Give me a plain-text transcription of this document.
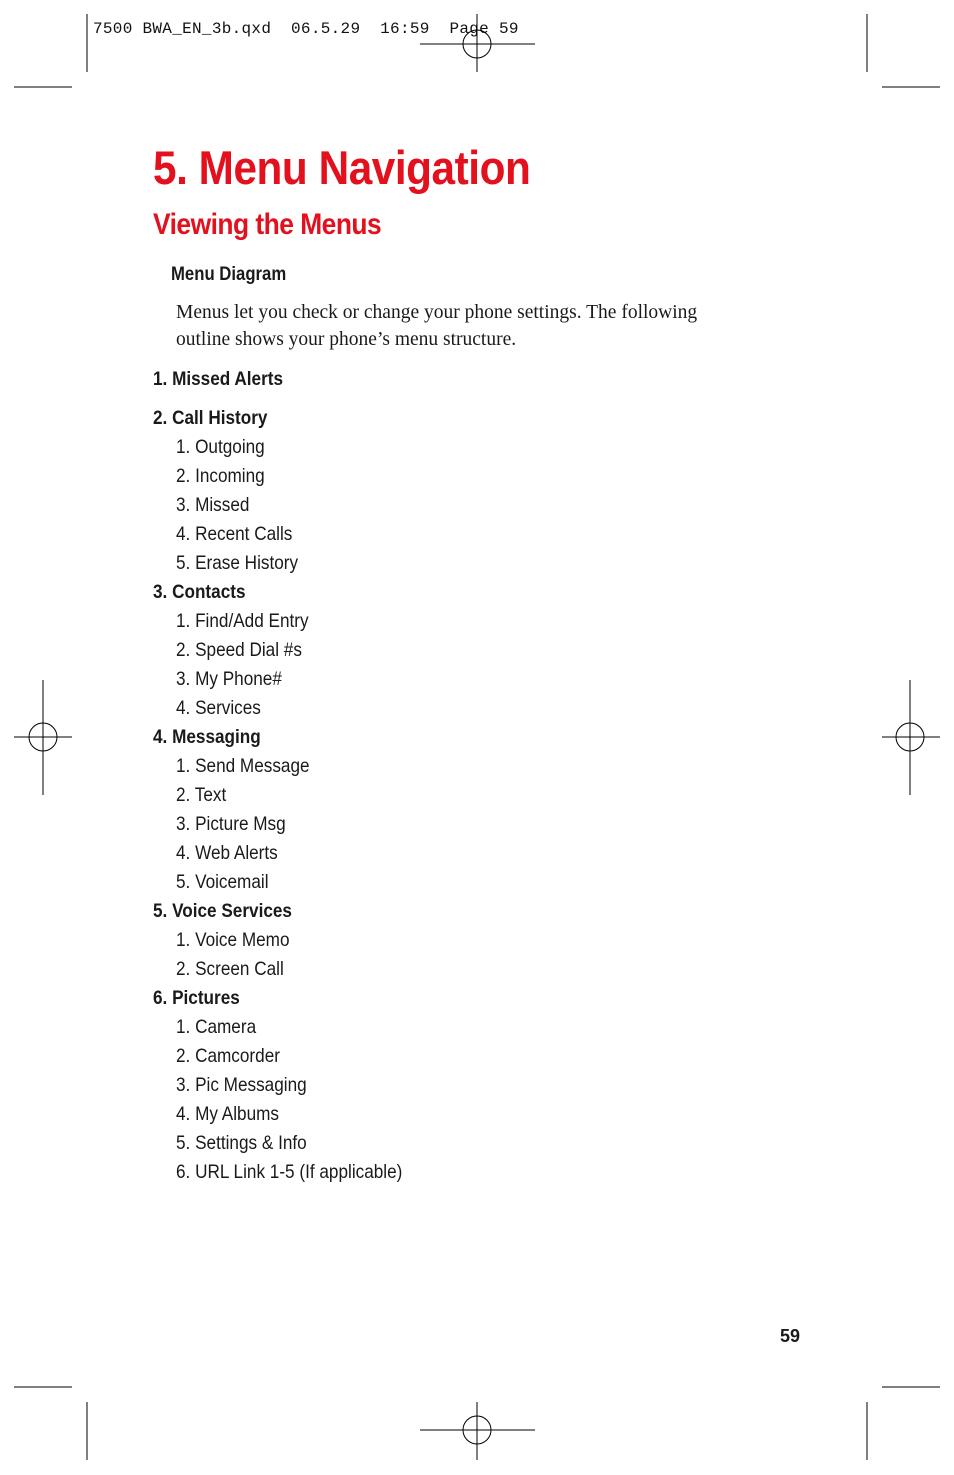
7500 BWA_EN_3b.qxd  06.5.29  16:59  Page 59
5. Menu Navigation
Viewing the Menus
Menu Diagram

Menus let you check or change your phone settings. The following outline shows your phone’s menu structure.

1. Missed Alerts
2. Call History
1. Outgoing
2. Incoming
3. Missed
4. Recent Calls
5. Erase History
3. Contacts
1. Find/Add Entry
2. Speed Dial #s
3. My Phone#
4. Services
4. Messaging
1. Send Message
2. Text
3. Picture Msg
4. Web Alerts
5. Voicemail
5. Voice Services
1. Voice Memo
2. Screen Call
6. Pictures
1. Camera
2. Camcorder
3. Pic Messaging
4. My Albums
5. Settings & Info
6. URL Link 1-5 (If applicable)
59
